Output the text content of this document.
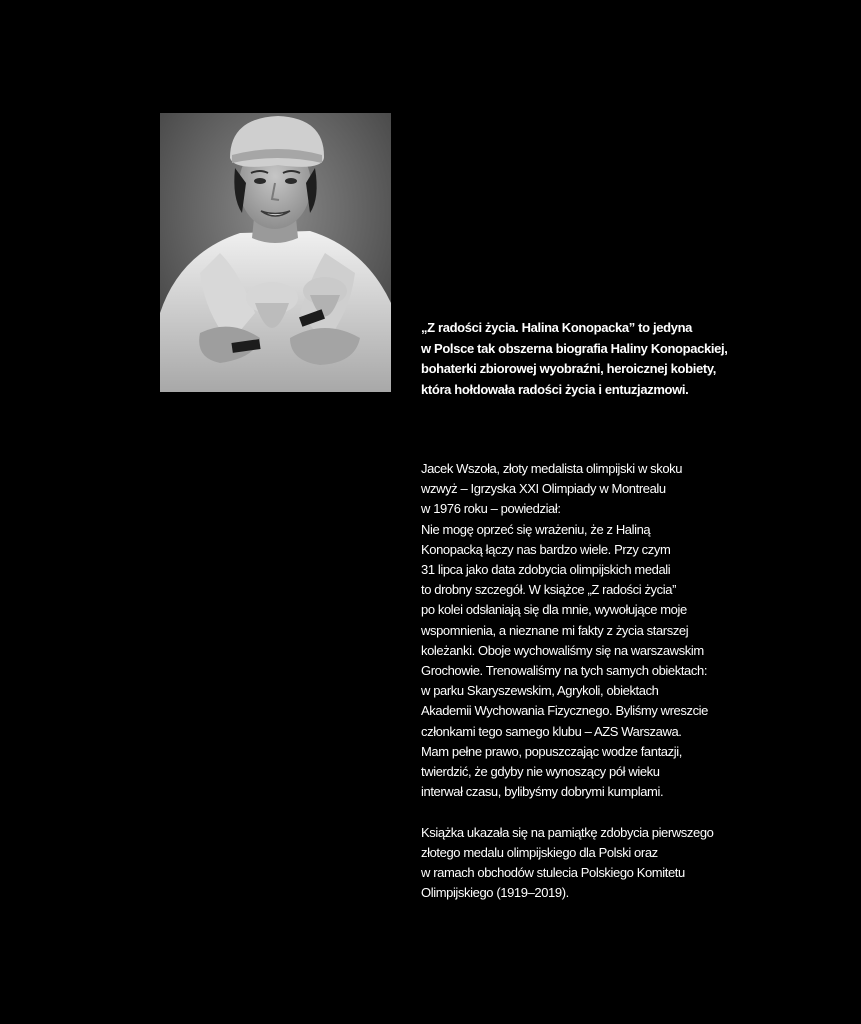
„Z radości życia. Halina Konopacka” to jedyna
w Polsce tak obszerna biografia Haliny Konopackiej,
bohaterki zbiorowej wyobraźni, heroicznej kobiety,
która hołdowała radości życia i entuzjazmowi.
Jacek Wszoła, złoty medalista olimpijski w skoku
wzwyż – Igrzyska XXI Olimpiady w Montrealu
w 1976 roku – powiedział:
Nie mogę oprzeć się wrażeniu, że z Haliną
Konopacką łączy nas bardzo wiele. Przy czym
31 lipca jako data zdobycia olimpijskich medali
to drobny szczegół. W książce „Z radości życia”
po kolei odsłaniają się dla mnie, wywołujące moje
wspomnienia, a nieznane mi fakty z życia starszej
koleżanki. Oboje wychowaliśmy się na warszawskim
Grochowie. Trenowaliśmy na tych samych obiektach:
w parku Skaryszewskim, Agrykoli, obiektach
Akademii Wychowania Fizycznego. Byliśmy wreszcie
członkami tego samego klubu – AZS Warszawa.
Mam pełne prawo, popuszczając wodze fantazji,
twierdzić, że gdyby nie wynoszący pół wieku
interwał czasu, bylibyśmy dobrymi kumplami.
Książka ukazała się na pamiątkę zdobycia pierwszego
złotego medalu olimpijskiego dla Polski oraz
w ramach obchodów stulecia Polskiego Komitetu
Olimpijskiego (1919–2019).
